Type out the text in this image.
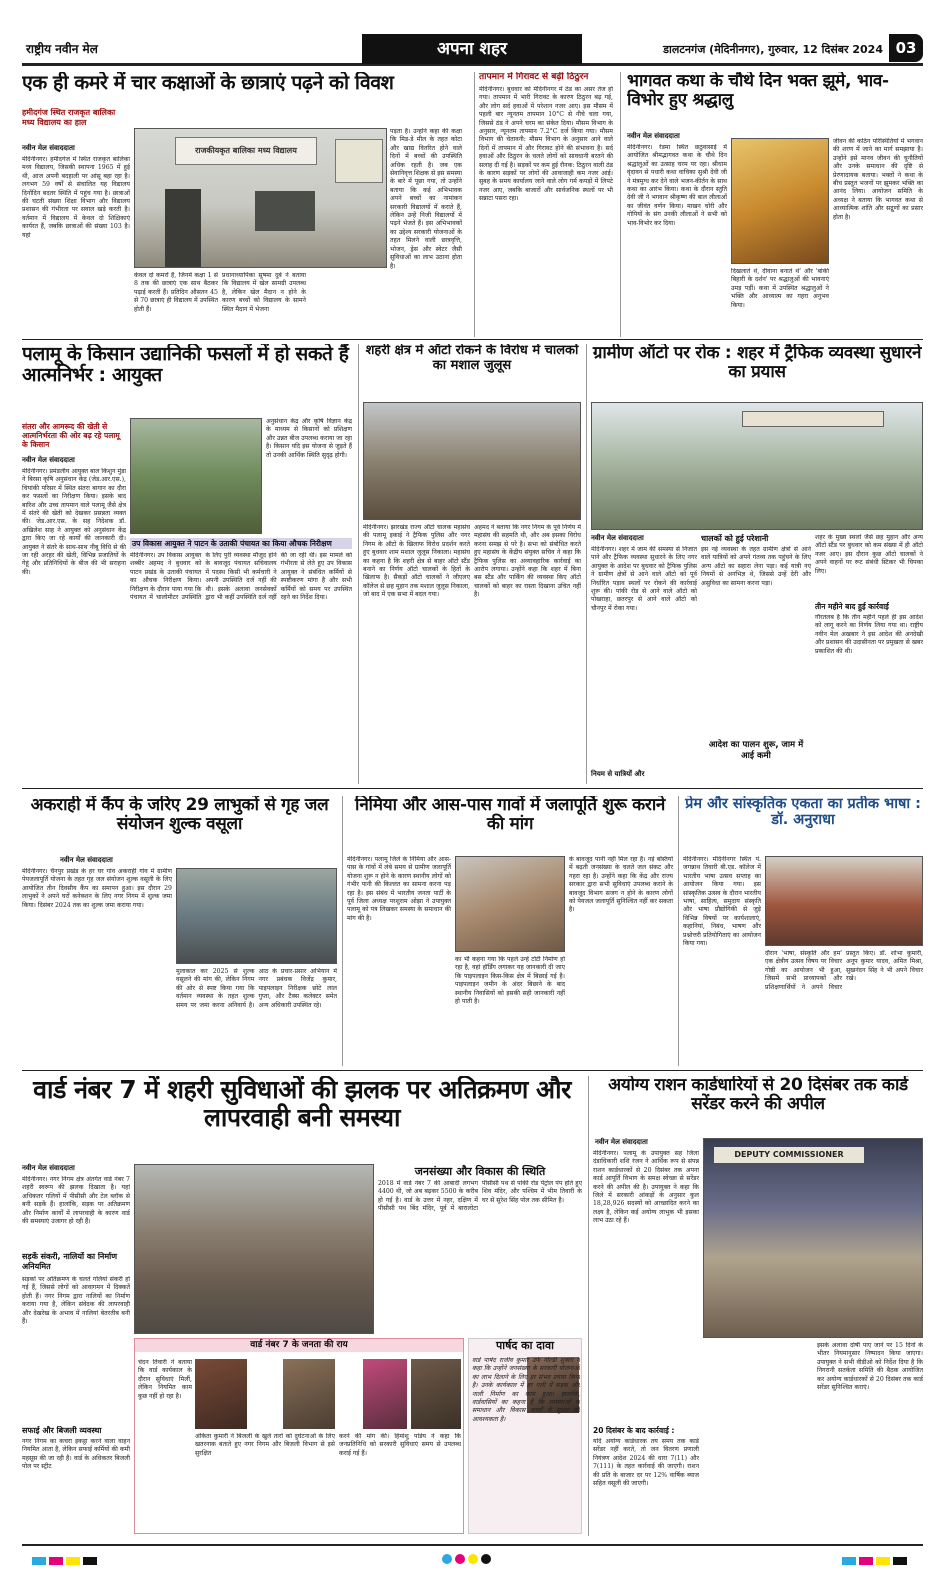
राष्ट्रीय नवीन मेल	अपना शहर	डालटनगंज (मेदिनीनगर), गुरुवार, 12 दिसंबर 2024 03
एक ही कमरे में चार कक्षाओं के छात्राएं पढ़ने को विवश
हमीदगंज स्थित राजकृत बालिका मध्य विद्यालय का हाल
नवीन मेल संवाददाता
मेदिनीनगर। हमीदगंज में स्थित राजकृत बालिका मध्य विद्यालय, जिसकी स्थापना 1965 में हुई थी, आज अपनी बदहाली पर आंसू बहा रहा है। लगभग 59 वर्षों से संचालित यह विद्यालय दिनोंदिन बदतर स्थिति में पहुंच गया है। छात्राओं की घटती संख्या शिक्षा विभाग और विद्यालय प्रशासन की गंभीरता पर सवाल खड़े करती है। वर्तमान में विद्यालय में केवल दो शिक्षिकाएं कार्यरत हैं, जबकि छात्राओं की संख्या 103 है। यहां
राजकीयकृत बालिका मध्य विद्यालय
केवल दो कमरों हैं, जिनमें कक्षा 1 से 8 तक की छात्राएं एक साथ बैठकर पढ़ाई करती हैं। प्रतिदिन औसतन 45 से 70 छात्राएं ही विद्यालय में उपस्थित होती हैं।
प्रधानाध्यापिका सुषमा दुबे ने बताया कि विद्यालय में खेल सामग्री उपलब्ध है, लेकिन खेल मैदान न होने के कारण बच्चों को विद्यालय के सामने स्थित मैदान में भेजना
पड़ता है। उन्होंने कहा की कक्षा कि मिड-डे मील के तहत कोटा और खाद्य वितरित होने वाले दिनों में बच्चों की उपस्थिति अधिक रहती है। जब एक सेवानिवृत्त शिक्षक से इस समस्या के बारे में पूछा गया, तो उन्होंने बताया कि कई अभिभावक अपने बच्चों का नामांकन सरकारी विद्यालयों में कराते हैं, लेकिन उन्हें निजी विद्यालयों में पढ़ने भेजते हैं। इस अभिभावकों का उद्देश्य सरकारी योजनाओं के तहत मिलने वाली छात्रवृत्ति, भोजन, ड्रेस और स्वेटर जैसी सुविधाओं का लाभ उठाना होता है।
तापमान में गिरावट से बढ़ी ठिठुरन
मेदिनीनगर। बुधवार को मेदिनीनगर में ठंड का असर तेज हो गया। तापमान में भारी गिरावट के कारण ठिठुरन बढ़ गई, और लोग सर्द हवाओं में परेशान नजर आए। इस मौसम में पहली बार न्यूनतम तापमान 10°C से नीचे चला गया, जिससे ठंड ने अपने चरम का संकेत दिया। मौसम विभाग के अनुसार, न्यूनतम तापमान 7.2°C दर्ज किया गया। मौसम विभाग की चेतावनी: मौसम विभाग के अनुसार आने वाले दिनों में तापमान में और गिरावट होने की संभावना है। सर्द हवाओं और ठिठुरन के चलते लोगों को सावधानी बरतने की सलाह दी गई है। सड़कों पर कम हुई रौनक: ठिठुरन वाली ठंड के कारण सड़कों पर लोगों की आवाजाही कम नजर आई। सुबह के समय कार्यालय जाने वाले लोग गर्म कपड़ों में लिपटे नजर आए, जबकि बाजारों और सार्वजनिक स्थलों पर भी सन्नाटा पसरा रहा।
भागवत कथा के चौथे दिन भक्त झूमे, भाव-विभोर हुए श्रद्धालु
नवीन मेल संवाददाता
मेदिनीनगर। रेडमा स्थित छठुवासाई में आयोजित श्रीमद्भागवत कथा के चौथे दिन श्रद्धालुओं का उत्साह चरम पर रहा। श्रीधाम वृंदावन से पधारी कथा वाचिका सुश्री देवी जी ने मंत्रमुग्ध कर देने वाले भजन-कीर्तन के साथ कथा का आरंभ किया। कथा के दौरान स्तुति देवी जी ने भगवान श्रीकृष्ण की बाल लीलाओं का जीवंत वर्णन किया। माखन चोरी और गोपियों के संग उनकी लीलाओं ने सभी को भाव-विभोर कर दिया।
दिखलाते थे, दीवाना बनाते थे' और 'बांकी बिहारी के दर्शन' पर श्रद्धालुओं की भावनाएं उमड़ पड़ीं। कथा में उपस्थित श्रद्धालुओं ने भक्ति और आध्यात्म का गहरा अनुभव किया।
जीवन की कठिन परिस्थितियों में भगवान की शरण में जाने का मार्ग समझाया है। उन्होंने इसे मानव जीवन की चुनौतियों और उनके समाधान की दृष्टि से प्रेरणादायक बताया। भक्तों ने कथा के बीच प्रस्तुत भजनों पर झूमकर भक्ति का आनंद लिया। आयोजन समिति के अध्यक्ष ने बताया कि भागवत कथा से आध्यात्मिक शांति और सद्गुणों का प्रसार होता है।
पलामू के किसान उद्यानिकी फसलों में हो सकते हैं आत्मनिर्भर : आयुक्त
संतरा और आमरूद की खेती से आत्मनिर्भरता की ओर बढ़ रहे पलामू के किसान
नवीन मेल संवाददाता
मेदिनीनगर। प्रमंडलीय आयुक्त बाल किशुन मुंडा ने बिरसा कृषि अनुसंधान केंद्र (जेड.आर.एस.), चियांकी परिसर में स्थित संतरा बागान का दौरा कर फसलों का निरीक्षण किया। इसके बाद बारिश और उच्च तापमान वाले पलामू जैसे क्षेत्र में संतरे की खेती को देखकर प्रसन्नता व्यक्त की। जेड.आर.एस. के सह निदेशक डॉ. अखिलेश साह ने आयुक्त को अनुसंधान केंद्र द्वारा किए जा रहे कार्यों की जानकारी दी। आयुक्त ने संतरे के साथ-साथ नीबू विधि से की जा रही अरहर की खेती, विभिन्न प्रजातियों के गेहूं और प्रतिनिधियों के बीज की भी सराहना की।
अनुसंधान केंद्र और कृषि विज्ञान केंद्र के माध्यम से किसानों को प्रशिक्षण और उन्नत बीज उपलब्ध कराया जा रहा है। किसान यदि इस योजना से जुड़ते हैं तो उनकी आर्थिक स्थिति सुदृढ़ होगी।
उप विकास आयुक्त ने पाटन के उताकी पंचायत का किया औचक निरीक्षण
मेदिनीनगर। उप विकास आयुक्त शब्बीर अहमद ने बुधवार को पाटन प्रखंड के उताकी पंचायत का औचक निरीक्षण किया। निरीक्षण के दौरान पाया गया कि पंचायत में चालोमीटर उपस्थिति के लिए पुरी व्यवस्था मौजूद होने के बावजूद पंचायत सचिवालय में पदस्थ किसी भी कर्मचारी ने अपनी उपस्थिति दर्ज नहीं की थी। इसके अलावा जनसेवकों द्वारा भी कहीं उपस्थिति दर्ज नहीं की जा रही थी। इस मामले को गंभीरता से लेते हुए उप विकास आयुक्त ने संबंधित कर्मियों से स्पष्टीकरण मांगा है और सभी कर्मियों को समय पर उपस्थित रहने का निर्देश दिया।
शहरी क्षेत्र में ऑटो रोकने के विरोध में चालकों का मशाल जुलूस
मेदिनीनगर। झारखंड राज्य ऑटो चालक महासंघ की पलामू इकाई ने ट्रैफिक पुलिस और नगर निगम के ऑटो के खिलाफ विरोध प्रदर्शन करते हुए बुधवार शाम मशाल जुलूस निकाला। महासंघ का कहना है कि शहरी क्षेत्र से बाहर ऑटो स्टैंड बनाने का निर्णय ऑटो चालकों के हितों के खिलाफ है। सैकड़ों ऑटो चालकों ने जीएलए कॉलेज से छह मुहान तक मशाल जुलूस निकाला, जो बाद में एक सभा में बदल गया।
अहमद ने बताया कि नगर निगम के पूर्व निर्णय में महासंघ की सहमति थी, और अब इसका विरोध करना समझ से परे है। सभा को संबोधित करते हुए महासंघ के केंद्रीय संयुक्त सचिव ने कहा कि ट्रैफिक पुलिस का अव्यावहारिक कार्रवाई का आरोप लगाया। उन्होंने कहा कि शहर में बिना बस स्टैंड और पार्किंग की व्यवस्था किए ऑटो चालकों को बाहर का रास्ता दिखाना उचित नहीं है।
ग्रामीण ऑटो पर रोक : शहर में ट्रैफिक व्यवस्था सुधारने का प्रयास
नवीन मेल संवाददाता
मेदिनीनगर। शहर में जाम की समस्या से निजात पाने और ट्रैफिक व्यवस्था सुधारने के लिए नगर आयुक्त के आदेश पर बुधवार को ट्रैफिक पुलिस ने ग्रामीण क्षेत्रों से आने वाले ऑटो को पूर्व निर्धारित पड़ाव स्थलों पर रोकने की कार्रवाई शुरू की। पांकी रोड से आने वाले ऑटो को पोखराहा, छतरपुर से आने वाले ऑटो को चौनपुर में रोका गया।
नियम से यात्रियों और
चालकों को हुई परेशानी
इस नई व्यवस्था के तहत ग्रामीण क्षेत्रों से आने वाले यात्रियों को अपने गंतव्य तक पहुंचने के लिए अन्य ऑटो का सहारा लेना पड़ा। कई यात्री नए नियमों से अनभिज्ञ थे, जिससे उन्हें देरी और असुविधा का सामना करना पड़ा।
आदेश का पालन शुरू, जाम में आई कमी
शहर के मुख्य स्थलों जैसे छह मुहान और अन्य ऑटो स्टैंड पर बुधवार को कम संख्या में ही ऑटो नजर आए। इस दौरान कुछ ऑटो चालकों ने अपने वाहनों पर रूट संबंधी स्टिकर भी चिपका लिए।
तीन महीने बाद हुई कार्रवाई
गौरतलब है कि तीन महीने पहले ही इस आदेश को लागू करने का निर्णय लिया गया था। राष्ट्रीय नवीन मेल अखबार ने इस आदेश की अनदेखी और प्रशासन की उदासीनता पर प्रमुखता से खबर प्रकाशित की थी।
अकराही में कैंप के जरिए 29 लाभुकों से गृह जल संयोजन शुल्क वसूला
नवीन मेल संवाददाता
मेदिनीनगर। चैनपुर प्रखंड के हर घर गांव अकराही गांव में ग्रामीण पेयजलापूर्ति योजना के तहत गृह जल संयोजन शुल्क वसूली के लिए आयोजित तीन दिवसीय कैंप का समापन हुआ। इस दौरान 29 लाभुकों ने अपने घरों कनेक्शन के लिए नगर निगम में शुल्क जमा किया। दिसंबर 2024 तक का शुल्क जमा कराया गया।
मुलाकात कर 2025 से शुल्क वसूलने की मांग की, लेकिन निगम की ओर से स्पष्ट किया गया कि वर्तमान व्यवस्था के तहत शुल्क समय पर जमा करना अनिवार्य है। आठ के प्रचार-प्रसार अभियान में नगर प्रबंधक विजेंद्र कुमार, पाइपलाइन निरीक्षक छोटे लाल गुप्ता, और टैक्स कलेक्टर समेत अन्य अधिकारी उपस्थित रहे।
निमिया और आस-पास गावों में जलापूर्ति शुरू कराने की मांग
मेदिनीनगर। पलामू जिले के निमिया और आस-पास के गांवों में लंबे समय से ग्रामीण जलापूर्ति योजना शुरू न होने के कारण स्थानीय लोगों को गंभीर पानी की किल्लत का सामना करना पड़ रहा है। इस संबंध में भारतीय जनता पार्टी के पूर्व जिला अध्यक्ष परशुराम ओझा ने उपायुक्त पलामू को पत्र लिखकर समस्या के समाधान की मांग की है।
का भी कहना गया कि पहले उन्हें टोंटी निर्माण हो रहा है, वहां हॉर्डिंग लगाकर यह जानकारी दी जाए कि पाइपलाइन किस-किस क्षेत्र में बिछाई गई है। पाइपलाइन जमीन के अंदर बिछाने के बाद स्थानीय निवासियों को इसकी सही जानकारी नहीं हो पाती है।
के बावजूद पानी नहीं मिल रहा है। नई बस्तियों में बढ़ती जनसंख्या के चलते जल संकट और गहरा रहा है। उन्होंने कहा कि केंद्र और राज्य सरकार द्वारा सभी सुविधाएं उपलब्ध कराने के बावजूद विभाग सजग न होने के कारण लोगों को पेयजल जलापूर्ति सुनिश्चित नहीं कर सकता है।
प्रेम और सांस्कृतिक एकता का प्रतीक भाषा : डॉ. अनुराधा
मेदिनीनगर। मेदिनीनगर स्थित पं. जगन्नाथ तिवारी बी.एड. कॉलेज में भारतीय भाषा उत्सव सप्ताह का आयोजन किया गया। इस सांस्कृतिक उत्सव के दौरान भारतीय भाषा, साहित्य, समुदाय संस्कृति और भाषा प्रौद्योगिकी से जुड़े विभिन्न विषयों पर कार्यशालाएं, कहानियां, निबंध, भाषण और प्रश्नोत्तरी प्रतियोगिताएं का आयोजन किया गया।
दौरान 'भाषा, संस्कृति और हम' एक क्षेत्रीय उत्सव विषय पर विचार गोष्ठी का आयोजन भी हुआ, जिसमें सभी प्राध्यापकों और प्रशिक्षणार्थियों ने अपने विचार प्रस्तुत किए। डॉ. शोभा कुमारी, अनूप कुमार यादव, अमित मिश्रा, सुखनंदन सिंह ने भी अपने विचार रखे।
वार्ड नंबर 7 में शहरी सुविधाओं की झलक पर अतिक्रमण और लापरवाही बनी समस्या
नवीन मेल संवाददाता
मेदिनीनगर। नगर निगम क्षेत्र अंतर्गत वार्ड नंबर 7 शहरी स्वरूप की झलक दिखाता है। यहां अधिकतर गलियों में पीसीसी और टेल ब्लॉक से बनी सड़कें हैं। हालांकि, सड़क पर अतिक्रमण और निर्माण कार्यों में लापरवाही के कारण वार्ड की समस्याएं उजागर हो रही हैं।
सड़कें संकरी, नालियों का निर्माण अनियमित
सड़कों पर अतिक्रमण के चलते गलियां संकरी हो गई हैं, जिससे लोगों को आवागमन में दिक्कतें होती हैं। नगर निगम द्वारा नालियों का निर्माण कराया गया है, लेकिन संवेदक की लापरवाही और देखरेख के अभाव में नालियां बेतरतीब बनी हैं।
सफाई और बिजली व्यवस्था
नगर निगम का कचरा इकट्ठा करने वाला वाहन नियमित आता है, लेकिन सफाई कर्मियों की कमी महसूस की जा रही है। वार्ड के अधिकतर बिजली पोल पर स्ट्रीट
जनसंख्या और विकास की स्थिति
2018 में वार्ड नंबर 7 की आबादी लगभग 4400 थी, जो अब बढ़कर 5500 के करीब हो गई है। वार्ड के उत्तर में नहर, दक्षिण में पीसीसी पथ बिंद मंदिर, पूर्व में बारालोटा पीसीसी पथ से पांकी रोड पेट्रोल पंप होते हुए शिव मंदिर, और पश्चिम में भीम तिवारी के घर से सुरेश सिंह पोल तक सीमित है।
वार्ड नंबर 7 के जनता की राय
चंदन तिवारी ने बताया कि वार्ड कार्यकाल के दौरान सुविधाएं मिलीं, लेकिन नियमित काम कुछ नहीं हो रहा है।
अंकिता कुमारी ने बिजली के खुले तारों को दुर्घटनाओं के लिए खतरनाक बताते हुए नगर निगम और बिजली विभाग से इसे सुरक्षित
करने की मांग की। हिमांशु पांडेय ने कहा कि जनप्रतिनिधि को सरकारी सुविधाएं समय से उपलब्ध कराई गई हैं।
पार्षद का दावा
वार्ड पार्षद राजीव कुमार उर्फ गोल्डी शुक्ला ने कहा कि उन्होंने जनसंख्या के सरकारी योजनाओं का लाभ दिलाने के लिए हर संभव प्रयास किया है। उनके कार्यकाल में हर गली में सड़क और नाली निर्माण का काम हुआ। हालांकि, वार्डवासियों का कहना है कि समस्याओं के समाधान और विकास कार्यों में सुधार की आवश्यकता है।
अयोग्य राशन कार्डधारियों से 20 दिसंबर तक कार्ड सरेंडर करने की अपील
नवीन मेल संवाददाता
मेदिनीनगर। पलामू के उपायुक्त सह जिला दंडाधिकारी शशि रंजन ने आर्थिक रूप से संपन्न राशन कार्डधारकों से 20 दिसंबर तक अपना कार्ड आपूर्ति विभाग के समक्ष स्वेच्छा से सरेंडर करने की अपील की है। उपायुक्त ने कहा कि जिले में सरकारी आंकड़ों के अनुसार कुल 18,28,926 सदस्यों को आच्छादित करने का लक्ष्य है, लेकिन कई अयोग्य लाभुक भी इसका लाभ उठा रहे हैं।
DEPUTY COMMISSIONER
20 दिसंबर के बाद कार्रवाई :
यदि अयोग्य कार्डधारक तय समय तक कार्ड सरेंडर नहीं करते, तो जन वितरण प्रणाली नियंत्रण आदेश 2024 की धारा 7(11) और 7(111) के तहत कार्रवाई की जाएगी। राशन की प्रति के बाजार दर पर 12% वार्षिक ब्याज सहित वसूली की जाएगी।
इसके अलावा दोषी पाए जाने पर 15 दिनों के भीतर नियमानुसार निष्पादन किया जाएगा। उपायुक्त ने सभी वीडीओ को निर्देश दिया है कि निगरानी सतर्कता समिति की बैठक आयोजित कर अयोग्य कार्डधारकों से 20 दिसंबर तक कार्ड सरेंडर सुनिश्चित कराएं।
